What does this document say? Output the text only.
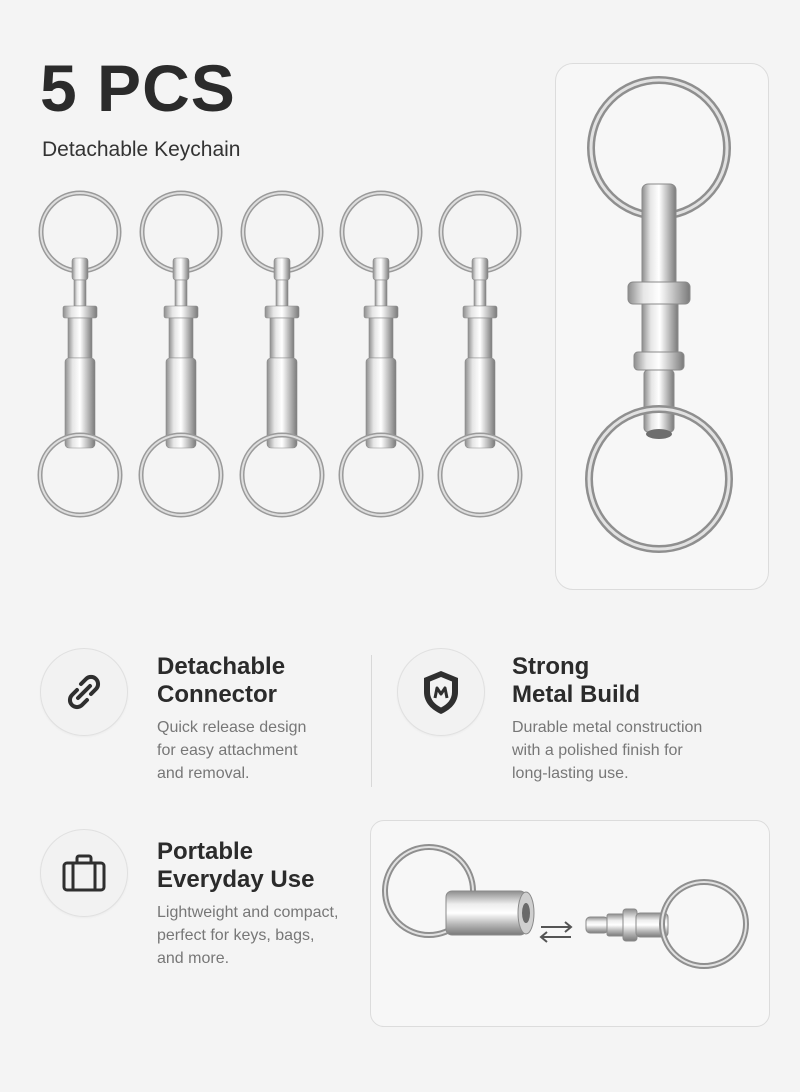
5 PCS
Detachable Keychain
Detachable
Connector
Quick release design
for easy attachment
and removal.
Strong
Metal Build
Durable metal construction
with a polished finish for
long-lasting use.
Portable
Everyday Use
Lightweight and compact,
perfect for keys, bags,
and more.
